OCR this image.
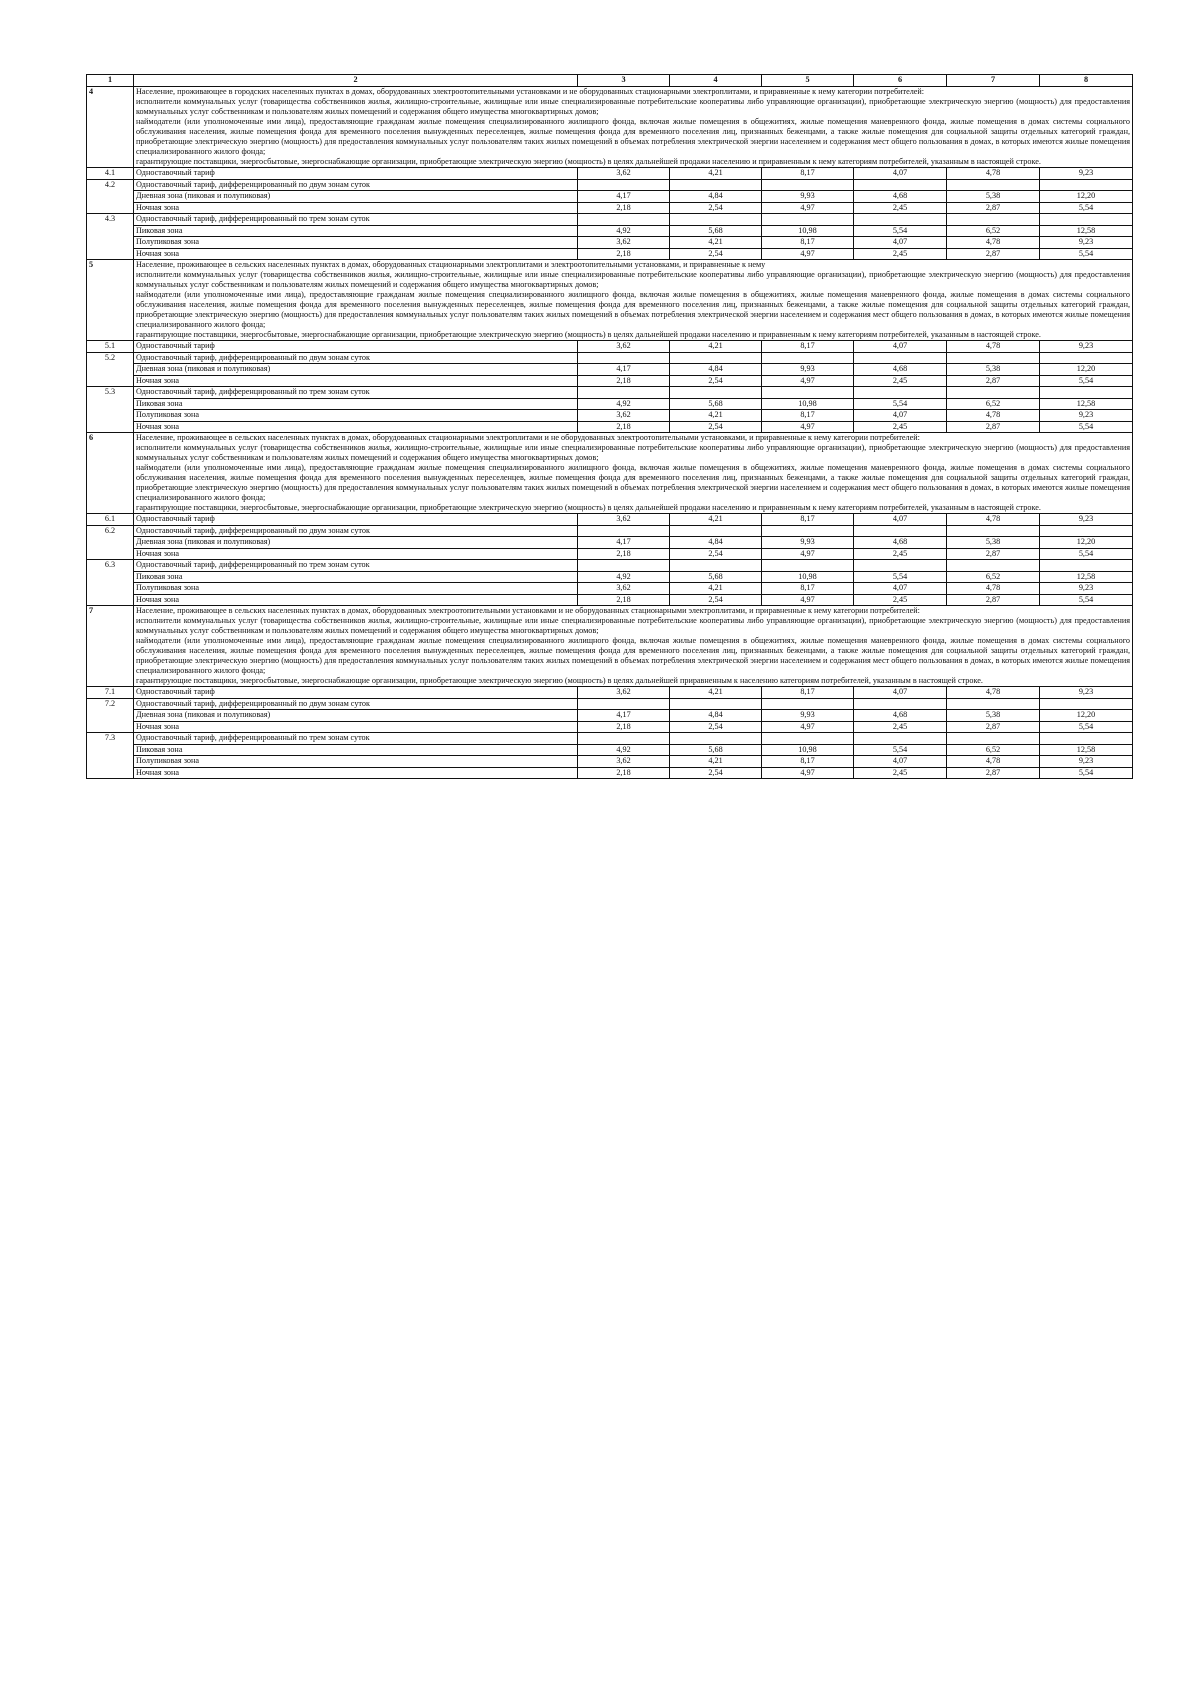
1	2	3	4	5	6	7	8
4	Население, проживающее в городских населенных пунктах в домах, оборудованных электроотопительными установками и не оборудованных стационарными электроплитами, и приравненные к нему категории потребителей:
исполнители коммунальных услуг (товарищества собственников жилья, жилищно-строительные, жилищные или иные специализированные потребительские кооперативы либо управляющие организации), приобретающие электрическую энергию (мощность) для предоставления коммунальных услуг собственникам и пользователям жилых помещений и содержания общего имущества многоквартирных домов;
наймодатели (или уполномоченные ими лица), предоставляющие гражданам жилые помещения специализированного жилищного фонда, включая жилые помещения в общежитиях, жилые помещения маневренного фонда, жилые помещения в домах системы социального обслуживания населения, жилые помещения фонда для временного поселения вынужденных переселенцев, жилые помещения фонда для временного поселения лиц, признанных беженцами, а также жилые помещения для социальной защиты отдельных категорий граждан, приобретающие электрическую энергию (мощность) для предоставления коммунальных услуг пользователям таких жилых помещений в объемах потребления электрической энергии населением и содержания мест общего пользования в домах, в которых имеются жилые помещения специализированного жилого фонда;
гарантирующие поставщики, энергосбытовые, энергоснабжающие организации, приобретающие электрическую энергию (мощность) в целях дальнейшей продажи населению и приравненным к нему категориям потребителей, указанным в настоящей строке.						

4.1	Одноставочный тариф	3,62	4,21	8,17	4,07	4,78	9,23
4.2	Одноставочный тариф, дифференцированный по двум зонам суток						
	Дневная зона (пиковая и полупиковая)	4,17	4,84	9,93	4,68	5,38	12,20
	Ночная зона	2,18	2,54	4,97	2,45	2,87	5,54
4.3	Одноставочный тариф, дифференцированный по трем зонам суток						
	Пиковая зона	4,92	5,68	10,98	5,54	6,52	12,58
	Полупиковая зона	3,62	4,21	8,17	4,07	4,78	9,23
	Ночная зона	2,18	2,54	4,97	2,45	2,87	5,54
5	Население, проживающее в сельских населенных пунктах в домах, оборудованных стационарными электроплитами и электроотопительными установками, и приравненные к нему
исполнители коммунальных услуг (товарищества собственников жилья, жилищно-строительные, жилищные или иные специализированные потребительские кооперативы либо управляющие организации), приобретающие электрическую энергию (мощность) для предоставления коммунальных услуг собственникам и пользователям жилых помещений и содержания общего имущества многоквартирных домов;
наймодатели (или уполномоченные ими лица), предоставляющие гражданам жилые помещения специализированного жилищного фонда, включая жилые помещения в общежитиях, жилые помещения маневренного фонда, жилые помещения в домах системы социального обслуживания населения, жилые помещения фонда для временного поселения вынужденных переселенцев, жилые помещения фонда для временного поселения лиц, признанных беженцами, а также жилые помещения для социальной защиты отдельных категорий граждан, приобретающие электрическую энергию (мощность) для предоставления коммунальных услуг пользователям таких жилых помещений в объемах потребления электрической энергии населением и содержания мест общего пользования в домах, в которых имеются жилые помещения специализированного жилого фонда;
гарантирующие поставщики, энергосбытовые, энергоснабжающие организации, приобретающие электрическую энергию (мощность) в целях дальнейшей продажи населению и приравненным к нему категориям потребителей, указанным в настоящей строке.						

5.1	Одноставочный тариф	3,62	4,21	8,17	4,07	4,78	9,23
5.2	Одноставочный тариф, дифференцированный по двум зонам суток						
	Дневная зона (пиковая и полупиковая)	4,17	4,84	9,93	4,68	5,38	12,20
	Ночная зона	2,18	2,54	4,97	2,45	2,87	5,54
5.3	Одноставочный тариф, дифференцированный по трем зонам суток						
	Пиковая зона	4,92	5,68	10,98	5,54	6,52	12,58
	Полупиковая зона	3,62	4,21	8,17	4,07	4,78	9,23
	Ночная зона	2,18	2,54	4,97	2,45	2,87	5,54
6	Население, проживающее в сельских населенных пунктах в домах, оборудованных стационарными электроплитами и не оборудованных электроотопительными установками, и приравненные к нему категории потребителей:
исполнители коммунальных услуг (товарищества собственников жилья, жилищно-строительные, жилищные или иные специализированные потребительские кооперативы либо управляющие организации), приобретающие электрическую энергию (мощность) для предоставления коммунальных услуг собственникам и пользователям жилых помещений и содержания общего имущества многоквартирных домов;
наймодатели (или уполномоченные ими лица), предоставляющие гражданам жилые помещения специализированного жилищного фонда, включая жилые помещения в общежитиях, жилые помещения маневренного фонда, жилые помещения в домах системы социального обслуживания населения, жилые помещения фонда для временного поселения вынужденных переселенцев, жилые помещения фонда для временного поселения лиц, признанных беженцами, а также жилые помещения для социальной защиты отдельных категорий граждан, приобретающие электрическую энергию (мощность) для предоставления коммунальных услуг пользователям таких жилых помещений в объемах потребления электрической энергии населением и содержания мест общего пользования в домах, в которых имеются жилые помещения специализированного жилого фонда;
гарантирующие поставщики, энергосбытовые, энергоснабжающие организации, приобретающие электрическую энергию (мощность) в целях дальнейшей продажи населению и приравненным к нему категориям потребителей, указанным в настоящей строке.						

6.1	Одноставочный тариф	3,62	4,21	8,17	4,07	4,78	9,23
6.2	Одноставочный тариф, дифференцированный по двум зонам суток						
	Дневная зона (пиковая и полупиковая)	4,17	4,84	9,93	4,68	5,38	12,20
	Ночная зона	2,18	2,54	4,97	2,45	2,87	5,54
6.3	Одноставочный тариф, дифференцированный по трем зонам суток						
	Пиковая зона	4,92	5,68	10,98	5,54	6,52	12,58
	Полупиковая зона	3,62	4,21	8,17	4,07	4,78	9,23
	Ночная зона	2,18	2,54	4,97	2,45	2,87	5,54
7	Население, проживающее в сельских населенных пунктах в домах, оборудованных электроотопительными установками и не оборудованных стационарными электроплитами, и приравненные к нему категории потребителей:
исполнители коммунальных услуг (товарищества собственников жилья, жилищно-строительные, жилищные или иные специализированные потребительские кооперативы либо управляющие организации), приобретающие электрическую энергию (мощность) для предоставления коммунальных услуг собственникам и пользователям жилых помещений и содержания общего имущества многоквартирных домов;
наймодатели (или уполномоченные ими лица), предоставляющие гражданам жилые помещения специализированного жилищного фонда, включая жилые помещения в общежитиях, жилые помещения маневренного фонда, жилые помещения в домах системы социального обслуживания населения, жилые помещения фонда для временного поселения вынужденных переселенцев, жилые помещения фонда для временного поселения лиц, признанных беженцами, а также жилые помещения для социальной защиты отдельных категорий граждан, приобретающие электрическую энергию (мощность) для предоставления коммунальных услуг пользователям таких жилых помещений в объемах потребления электрической энергии населением и содержания мест общего пользования в домах, в которых имеются жилые помещения специализированного жилого фонда;
гарантирующие поставщики, энергосбытовые, энергоснабжающие организации, приобретающие электрическую энергию (мощность) в целях дальнейшей приравненным к населению категориям потребителей, указанным в настоящей строке.						

7.1	Одноставочный тариф	3,62	4,21	8,17	4,07	4,78	9,23
7.2	Одноставочный тариф, дифференцированный по двум зонам суток						
	Дневная зона (пиковая и полупиковая)	4,17	4,84	9,93	4,68	5,38	12,20
	Ночная зона	2,18	2,54	4,97	2,45	2,87	5,54
7.3	Одноставочный тариф, дифференцированный по трем зонам суток						
	Пиковая зона	4,92	5,68	10,98	5,54	6,52	12,58
	Полупиковая зона	3,62	4,21	8,17	4,07	4,78	9,23
	Ночная зона	2,18	2,54	4,97	2,45	2,87	5,54
